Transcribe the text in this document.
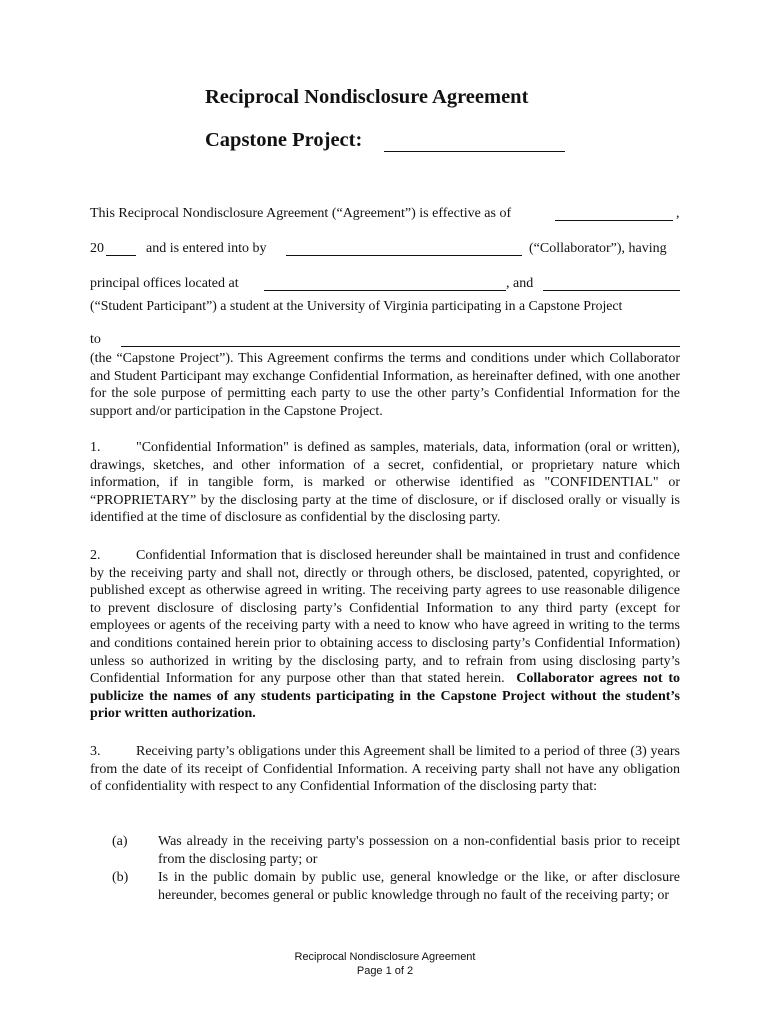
Reciprocal Nondisclosure Agreement
Capstone Project:
This Reciprocal Nondisclosure Agreement (“Agreement”) is effective as of	,
20	and is entered into by	(“Collaborator”), having
principal offices located at	, and
(“Student Participant”) a student at the University of Virginia participating in a Capstone Project
to

(the “Capstone Project”). This Agreement confirms the terms and conditions under which Collaborator and Student Participant may exchange Confidential Information, as hereinafter defined, with one another for the sole purpose of permitting each party to use the other party’s Confidential Information for the support and/or participation in the Capstone Project.

1.	"Confidential Information" is defined as samples, materials, data, information (oral or written), drawings, sketches, and other information of a secret, confidential, or proprietary nature which information, if in tangible form, is marked or otherwise identified as "CONFIDENTIAL" or “PROPRIETARY” by the disclosing party at the time of disclosure, or if disclosed orally or visually is identified at the time of disclosure as confidential by the disclosing party.

2.	Confidential Information that is disclosed hereunder shall be maintained in trust and confidence by the receiving party and shall not, directly or through others, be disclosed, patented, copyrighted, or published except as otherwise agreed in writing. The receiving party agrees to use reasonable diligence to prevent disclosure of disclosing party’s Confidential Information to any third party (except for employees or agents of the receiving party with a need to know who have agreed in writing to the terms and conditions contained herein prior to obtaining access to disclosing party’s Confidential Information) unless so authorized in writing by the disclosing party, and to refrain from using disclosing party’s Confidential Information for any purpose other than that stated herein. Collaborator agrees not to publicize the names of any students participating in the Capstone Project without the student’s prior written authorization.

3.	Receiving party’s obligations under this Agreement shall be limited to a period of three (3) years from the date of its receipt of Confidential Information. A receiving party shall not have any obligation of confidentiality with respect to any Confidential Information of the disclosing party that:

(a) Was already in the receiving party's possession on a non-confidential basis prior to receipt from the disclosing party; or
(b) Is in the public domain by public use, general knowledge or the like, or after disclosure hereunder, becomes general or public knowledge through no fault of the receiving party; or
Reciprocal Nondisclosure Agreement
Page 1 of 2
